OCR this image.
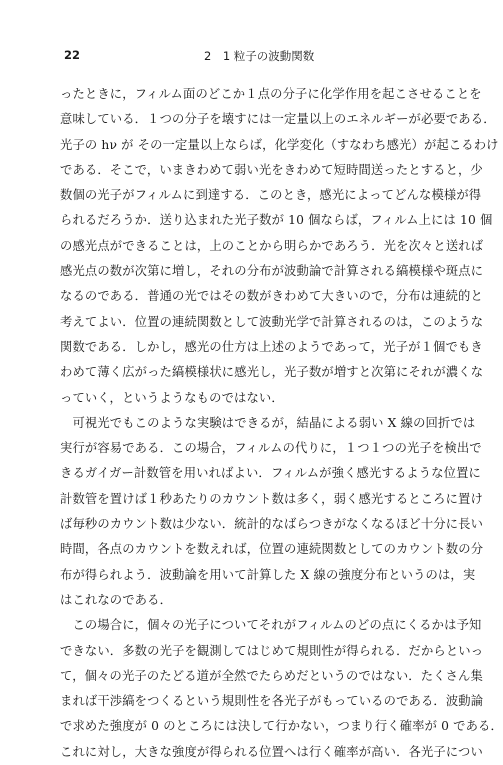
22	2　1 粒子の波動関数
ったときに，フィルム面のどこか１点の分子に化学作用を起こさせることを
意味している．１つの分子を壊すには一定量以上のエネルギーが必要である．
光子の hν が その一定量以上ならば，化学変化（すなわち感光）が起こるわけ
である．そこで，いまきわめて弱い光をきわめて短時間送ったとすると，少
数個の光子がフィルムに到達する．このとき，感光によってどんな模様が得
られるだろうか．送り込まれた光子数が 10 個ならば，フィルム上には 10 個
の感光点ができることは，上のことから明らかであろう．光を次々と送れば
感光点の数が次第に増し，それの分布が波動論で計算される縞模様や斑点に
なるのである．普通の光ではその数がきわめて大きいので，分布は連続的と
考えてよい．位置の連続関数として波動光学で計算されるのは，このような
関数である．しかし，感光の仕方は上述のようであって，光子が１個でもき
わめて薄く広がった縞模様状に感光し，光子数が増すと次第にそれが濃くな
っていく，というようなものではない．
　可視光でもこのような実験はできるが，結晶による弱い X 線の回折では
実行が容易である．この場合，フィルムの代りに，１つ１つの光子を検出で
きるガイガー計数管を用いればよい．フィルムが強く感光するような位置に
計数管を置けば１秒あたりのカウント数は多く，弱く感光するところに置け
ば毎秒のカウント数は少ない．統計的なばらつきがなくなるほど十分に長い
時間，各点のカウントを数えれば，位置の連続関数としてのカウント数の分
布が得られよう．波動論を用いて計算した X 線の強度分布というのは，実
はこれなのである．
　この場合に，個々の光子についてそれがフィルムのどの点にくるかは予知
できない．多数の光子を観測してはじめて規則性が得られる．だからといっ
て，個々の光子のたどる道が全然でたらめだというのではない．たくさん集
まれば干渉縞をつくるという規則性を各光子がもっているのである．波動論
で求めた強度が 0 のところには決して行かない，つまり行く確率が 0 である．
これに対し，大きな強度が得られる位置へは行く確率が高い．各光子につい
